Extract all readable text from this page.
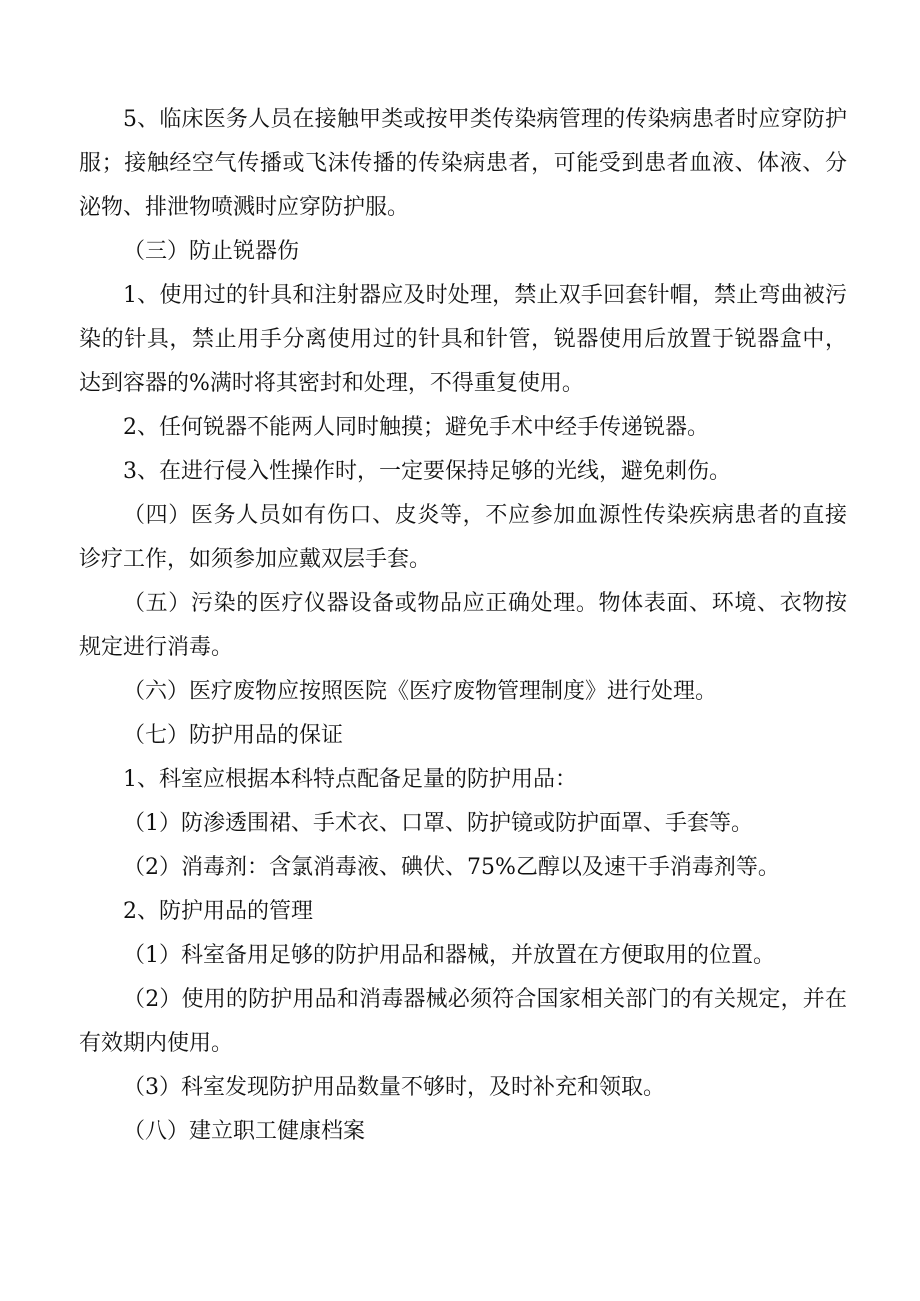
5、临床医务人员在接触甲类或按甲类传染病管理的传染病患者时应穿防护服；接触经空气传播或飞沫传播的传染病患者，可能受到患者血液、体液、分泌物、排泄物喷溅时应穿防护服。

（三）防止锐器伤

1、使用过的针具和注射器应及时处理，禁止双手回套针帽，禁止弯曲被污染的针具，禁止用手分离使用过的针具和针管，锐器使用后放置于锐器盒中，达到容器的%满时将其密封和处理，不得重复使用。

2、任何锐器不能两人同时触摸；避免手术中经手传递锐器。

3、在进行侵入性操作时，一定要保持足够的光线，避免刺伤。

（四）医务人员如有伤口、皮炎等，不应参加血源性传染疾病患者的直接诊疗工作，如须参加应戴双层手套。

（五）污染的医疗仪器设备或物品应正确处理。物体表面、环境、衣物按规定进行消毒。

（六）医疗废物应按照医院《医疗废物管理制度》进行处理。

（七）防护用品的保证

1、科室应根据本科特点配备足量的防护用品：

（1）防渗透围裙、手术衣、口罩、防护镜或防护面罩、手套等。

（2）消毒剂：含氯消毒液、碘伏、75%乙醇以及速干手消毒剂等。

2、防护用品的管理

（1）科室备用足够的防护用品和器械，并放置在方便取用的位置。

（2）使用的防护用品和消毒器械必须符合国家相关部门的有关规定，并在有效期内使用。

（3）科室发现防护用品数量不够时，及时补充和领取。

（八）建立职工健康档案
